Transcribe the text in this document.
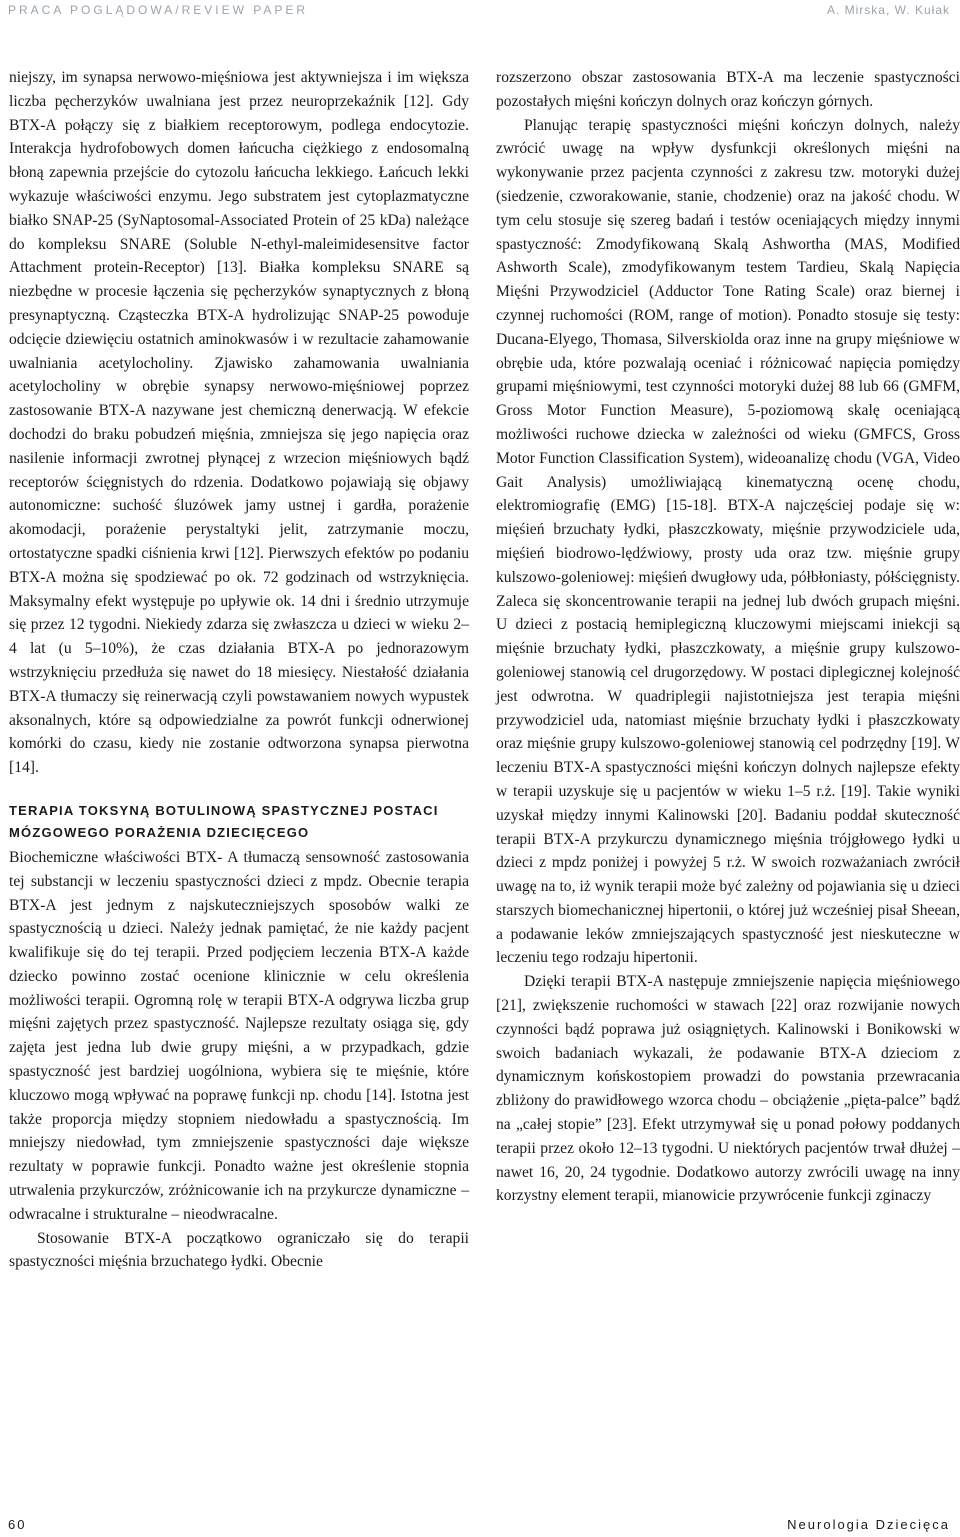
PRACA POGLĄDOWA/REVIEW PAPER	A. Mirska, W. Kułak

niejszy, im synapsa nerwowo-mięśniowa jest aktywniejsza i im większa liczba pęcherzyków uwalniana jest przez neuroprzekaźnik [12]. Gdy BTX-A połączy się z białkiem receptorowym, podlega endocytozie. Interakcja hydrofobowych domen łańcucha ciężkiego z endosomalną błoną zapewnia przejście do cytozolu łańcucha lekkiego. Łańcuch lekki wykazuje właściwości enzymu. Jego substratem jest cytoplazmatyczne białko SNAP-25 (SyNaptosomal-Associated Protein of 25 kDa) należące do kompleksu SNARE (Soluble N-ethyl-maleimidesensitve factor Attachment protein-Receptor) [13]. Białka kompleksu SNARE są niezbędne w procesie łączenia się pęcherzyków synaptycznych z błoną presynaptyczną. Cząsteczka BTX-A hydrolizując SNAP-25 powoduje odcięcie dziewięciu ostatnich aminokwasów i w rezultacie zahamowanie uwalniania acetylocholiny. Zjawisko zahamowania uwalniania acetylocholiny w obrębie synapsy nerwowo-mięśniowej poprzez zastosowanie BTX-A nazywane jest chemiczną denerwacją. W efekcie dochodzi do braku pobudzeń mięśnia, zmniejsza się jego napięcia oraz nasilenie informacji zwrotnej płynącej z wrzecion mięśniowych bądź receptorów ścięgnistych do rdzenia. Dodatkowo pojawiają się objawy autonomiczne: suchość śluzówek jamy ustnej i gardła, porażenie akomodacji, porażenie perystaltyki jelit, zatrzymanie moczu, ortostatyczne spadki ciśnienia krwi [12]. Pierwszych efektów po podaniu BTX-A można się spodziewać po ok. 72 godzinach od wstrzyknięcia. Maksymalny efekt występuje po upływie ok. 14 dni i średnio utrzymuje się przez 12 tygodni. Niekiedy zdarza się zwłaszcza u dzieci w wieku 2–4 lat (u 5–10%), że czas działania BTX-A po jednorazowym wstrzyknięciu przedłuża się nawet do 18 miesięcy. Niestałość działania BTX-A tłumaczy się reinerwacją czyli powstawaniem nowych wypustek aksonalnych, które są odpowiedzialne za powrót funkcji odnerwionej komórki do czasu, kiedy nie zostanie odtworzona synapsa pierwotna [14].

TERAPIA TOKSYNĄ BOTULINOWĄ SPASTYCZNEJ POSTACI MÓZGOWEGO PORAŻENIA DZIECIĘCEGO

Biochemiczne właściwości BTX- A tłumaczą sensowność zastosowania tej substancji w leczeniu spastyczności dzieci z mpdz. Obecnie terapia BTX-A jest jednym z najskuteczniejszych sposobów walki ze spastycznością u dzieci. Należy jednak pamiętać, że nie każdy pacjent kwalifikuje się do tej terapii. Przed podjęciem leczenia BTX-A każde dziecko powinno zostać ocenione klinicznie w celu określenia możliwości terapii. Ogromną rolę w terapii BTX-A odgrywa liczba grup mięśni zajętych przez spastyczność. Najlepsze rezultaty osiąga się, gdy zajęta jest jedna lub dwie grupy mięśni, a w przypadkach, gdzie spastyczność jest bardziej uogólniona, wybiera się te mięśnie, które kluczowo mogą wpływać na poprawę funkcji np. chodu [14]. Istotna jest także proporcja między stopniem niedowładu a spastycznością. Im mniejszy niedowład, tym zmniejszenie spastyczności daje większe rezultaty w poprawie funkcji. Ponadto ważne jest określenie stopnia utrwalenia przykurczów, zróżnicowanie ich na przykurcze dynamiczne – odwracalne i strukturalne – nieodwracalne.

Stosowanie BTX-A początkowo ograniczało się do terapii spastyczności mięśnia brzuchatego łydki. Obecnie

rozszerzono obszar zastosowania BTX-A ma leczenie spastyczności pozostałych mięśni kończyn dolnych oraz kończyn górnych.

Planując terapię spastyczności mięśni kończyn dolnych, należy zwrócić uwagę na wpływ dysfunkcji określonych mięśni na wykonywanie przez pacjenta czynności z zakresu tzw. motoryki dużej (siedzenie, czworakowanie, stanie, chodzenie) oraz na jakość chodu. W tym celu stosuje się szereg badań i testów oceniających między innymi spastyczność: Zmodyfikowaną Skalą Ashwortha (MAS, Modified Ashworth Scale), zmodyfikowanym testem Tardieu, Skalą Napięcia Mięśni Przywodziciel (Adductor Tone Rating Scale) oraz biernej i czynnej ruchomości (ROM, range of motion). Ponadto stosuje się testy: Ducana-Elyego, Thomasa, Silverskiolda oraz inne na grupy mięśniowe w obrębie uda, które pozwalają oceniać i różnicować napięcia pomiędzy grupami mięśniowymi, test czynności motoryki dużej 88 lub 66 (GMFM, Gross Motor Function Measure), 5-poziomową skalę oceniającą możliwości ruchowe dziecka w zależności od wieku (GMFCS, Gross Motor Function Classification System), wideoanalizę chodu (VGA, Video Gait Analysis) umożliwiającą kinematyczną ocenę chodu, elektromiografię (EMG) [15-18]. BTX-A najczęściej podaje się w: mięśień brzuchaty łydki, płaszczkowaty, mięśnie przywodziciele uda, mięśień biodrowo-lędźwiowy, prosty uda oraz tzw. mięśnie grupy kulszowo-goleniowej: mięśień dwugłowy uda, półbłoniasty, półścięgnisty. Zaleca się skoncentrowanie terapii na jednej lub dwóch grupach mięśni. U dzieci z postacią hemiplegiczną kluczowymi miejscami iniekcji są mięśnie brzuchaty łydki, płaszczkowaty, a mięśnie grupy kulszowo-goleniowej stanowią cel drugorzędowy. W postaci diplegicznej kolejność jest odwrotna. W quadriplegii najistotniejsza jest terapia mięśni przywodziciel uda, natomiast mięśnie brzuchaty łydki i płaszczkowaty oraz mięśnie grupy kulszowo-goleniowej stanowią cel podrzędny [19]. W leczeniu BTX-A spastyczności mięśni kończyn dolnych najlepsze efekty w terapii uzyskuje się u pacjentów w wieku 1–5 r.ż. [19]. Takie wyniki uzyskał między innymi Kalinowski [20]. Badaniu poddał skuteczność terapii BTX-A przykurczu dynamicznego mięśnia trójgłowego łydki u dzieci z mpdz poniżej i powyżej 5 r.ż. W swoich rozważaniach zwrócił uwagę na to, iż wynik terapii może być zależny od pojawiania się u dzieci starszych biomechanicznej hipertonii, o której już wcześniej pisał Sheean, a podawanie leków zmniejszających spastyczność jest nieskuteczne w leczeniu tego rodzaju hipertonii.

Dzięki terapii BTX-A następuje zmniejszenie napięcia mięśniowego [21], zwiększenie ruchomości w stawach [22] oraz rozwijanie nowych czynności bądź poprawa już osiągniętych. Kalinowski i Bonikowski w swoich badaniach wykazali, że podawanie BTX-A dzieciom z dynamicznym końskostopiem prowadzi do powstania przewracania zbliżony do prawidłowego wzorca chodu – obciążenie „pięta-palce” bądź na „całej stopie” [23]. Efekt utrzymywał się u ponad połowy poddanych terapii przez około 12–13 tygodni. U niektórych pacjentów trwał dłużej – nawet 16, 20, 24 tygodnie. Dodatkowo autorzy zwrócili uwagę na inny korzystny element terapii, mianowicie przywrócenie funkcji zginaczy

60	Neurologia Dziecięca
